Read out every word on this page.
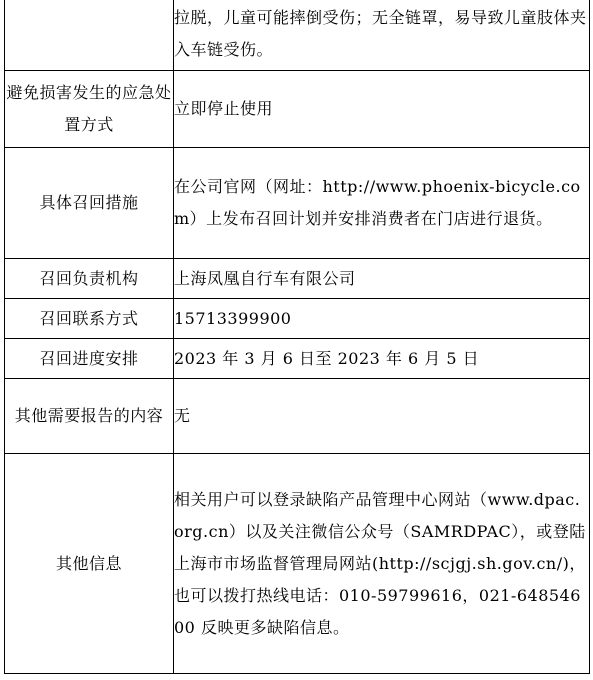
	拉脱，儿童可能摔倒受伤；无全链罩，易导致儿童肢体夹入车链受伤。
避免损害发生的应急处置方式	立即停止使用
具体召回措施	在公司官网（网址：http://www.phoenix-bicycle.com）上发布召回计划并安排消费者在门店进行退货。
召回负责机构	上海凤凰自行车有限公司
召回联系方式	15713399900
召回进度安排	2023 年 3 月 6 日至 2023 年 6 月 5 日
其他需要报告的内容	无
其他信息	相关用户可以登录缺陷产品管理中心网站（www.dpac.org.cn）以及关注微信公众号（SAMRDPAC），或登陆上海市市场监督管理局网站(http://scjgj.sh.gov.cn/)，也可以拨打热线电话：010-59799616，021-64854600 反映更多缺陷信息。
